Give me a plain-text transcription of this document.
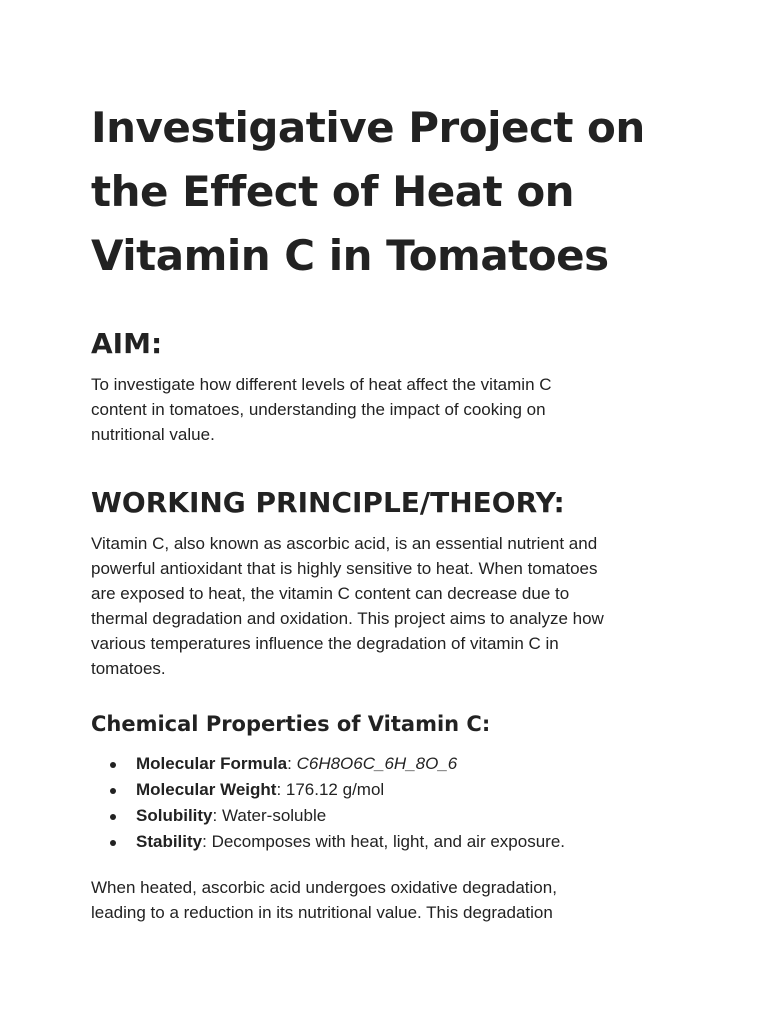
Investigative Project on
the Effect of Heat on
Vitamin C in Tomatoes
AIM:

To investigate how different levels of heat affect the vitamin C
content in tomatoes, understanding the impact of cooking on
nutritional value.

WORKING PRINCIPLE/THEORY:

Vitamin C, also known as ascorbic acid, is an essential nutrient and
powerful antioxidant that is highly sensitive to heat. When tomatoes
are exposed to heat, the vitamin C content can decrease due to
thermal degradation and oxidation. This project aims to analyze how
various temperatures influence the degradation of vitamin C in
tomatoes.

Chemical Properties of Vitamin C:
Molecular Formula: C6H8O6C_6H_8O_6
Molecular Weight: 176.12 g/mol
Solubility: Water-soluble
Stability: Decomposes with heat, light, and air exposure.

When heated, ascorbic acid undergoes oxidative degradation,
leading to a reduction in its nutritional value. This degradation
